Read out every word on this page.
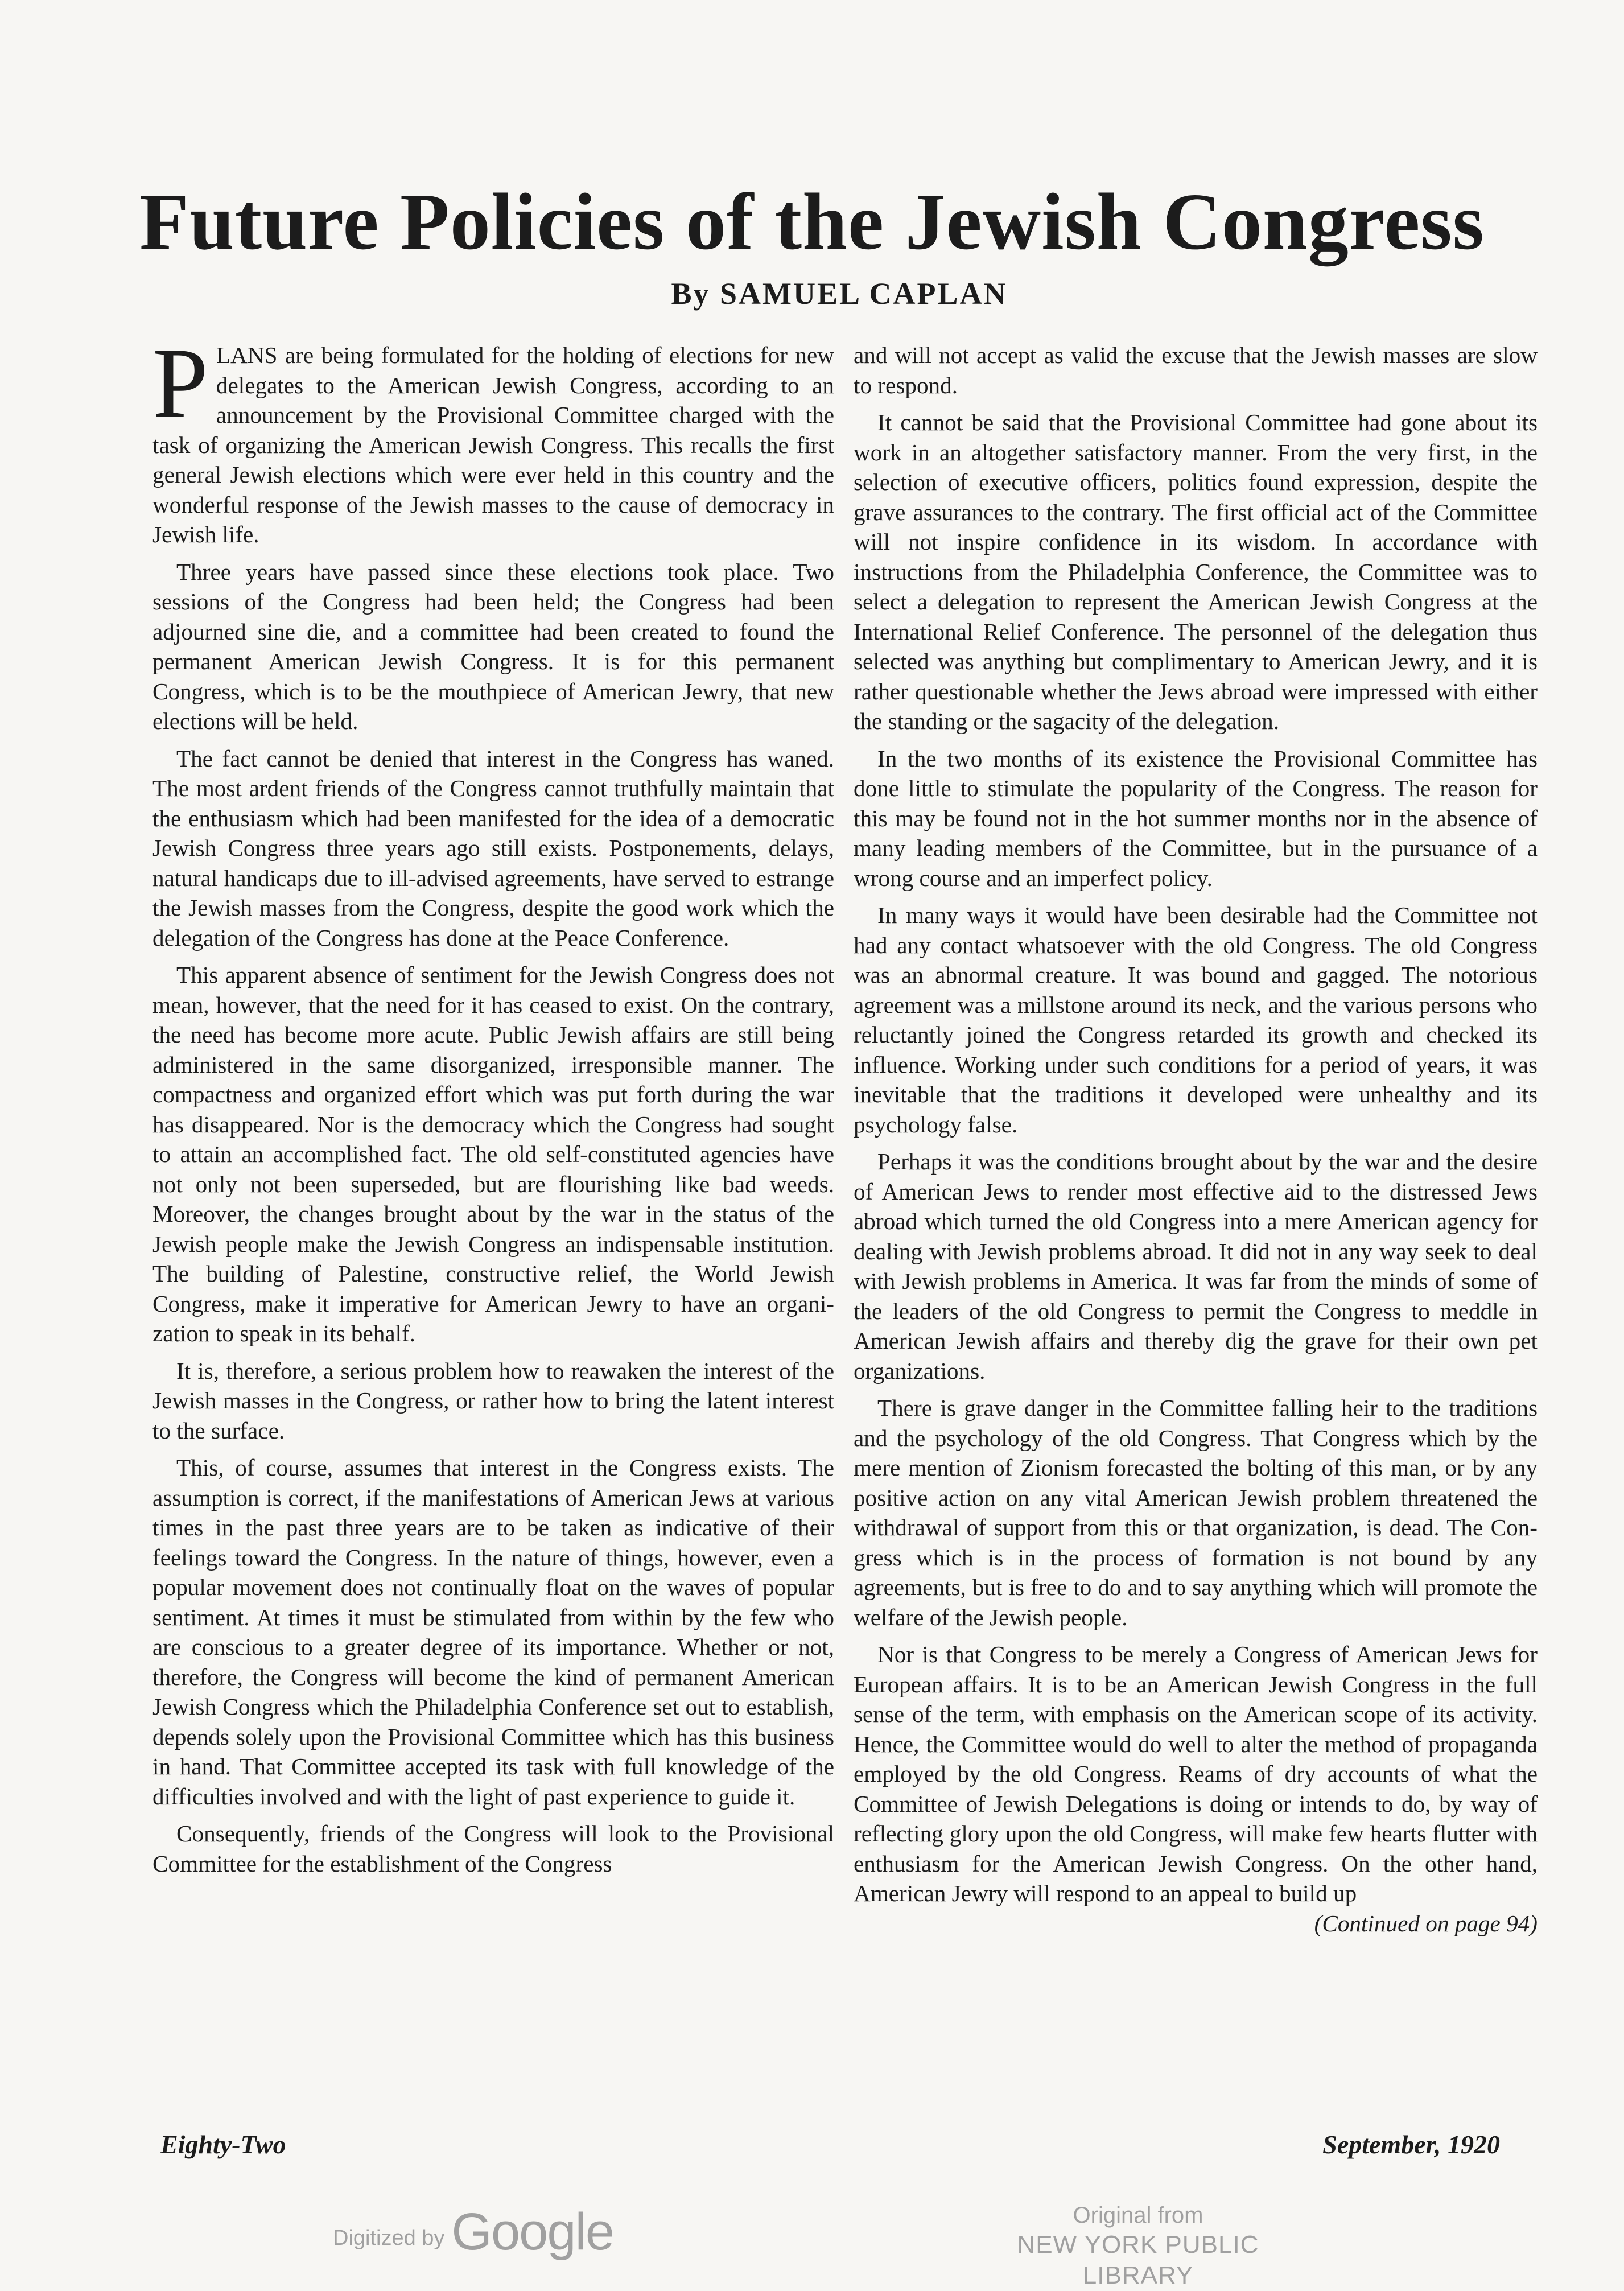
Future Policies of the Jewish Congress
By SAMUEL CAPLAN

PLANS are being formulated for the holding of elections for new delegates to the American Jewish Congress, according to an announcement by the Provisional Committee charged with the task of organizing the American Jewish Congress. This recalls the first general Jewish elections which were ever held in this country and the wonderful response of the Jewish masses to the cause of democracy in Jewish life.

Three years have passed since these elections took place. Two sessions of the Congress had been held; the Congress had been adjourned sine die, and a committee had been created to found the permanent American Jewish Congress. It is for this permanent Congress, which is to be the mouthpiece of American Jewry, that new elections will be held.

The fact cannot be denied that interest in the Congress has waned. The most ardent friends of the Congress cannot truthfully maintain that the enthusiasm which had been manifested for the idea of a democratic Jewish Congress three years ago still exists. Postponements, delays, natural handicaps due to ill-advised agreements, have served to estrange the Jewish masses from the Congress, despite the good work which the delegation of the Congress has done at the Peace Conference.

This apparent absence of sentiment for the Jewish Congress does not mean, however, that the need for it has ceased to exist. On the contrary, the need has become more acute. Public Jewish affairs are still being administered in the same disorganized, irresponsible manner. The compactness and organized effort which was put forth during the war has disappeared. Nor is the democracy which the Congress had sought to attain an accomplished fact. The old self-constituted agencies have not only not been superseded, but are flourishing like bad weeds. Moreover, the changes brought about by the war in the status of the Jewish people make the Jewish Congress an indispensable institution. The building of Palestine, constructive relief, the World Jewish Congress, make it imperative for American Jewry to have an organization to speak in its behalf.

It is, therefore, a serious problem how to reawaken the interest of the Jewish masses in the Congress, or rather how to bring the latent interest to the surface.

This, of course, assumes that interest in the Congress exists. The assumption is correct, if the manifestations of American Jews at various times in the past three years are to be taken as indicative of their feelings toward the Congress. In the nature of things, however, even a popular movement does not continually float on the waves of popular sentiment. At times it must be stimulated from within by the few who are conscious to a greater degree of its importance. Whether or not, therefore, the Congress will become the kind of permanent American Jewish Congress which the Philadelphia Conference set out to establish, depends solely upon the Provisional Committee which has this business in hand. That Committee accepted its task with full knowledge of the difficulties involved and with the light of past experience to guide it.

Consequently, friends of the Congress will look to the Provisional Committee for the establishment of the Congress

and will not accept as valid the excuse that the Jewish masses are slow to respond.

It cannot be said that the Provisional Committee had gone about its work in an altogether satisfactory manner. From the very first, in the selection of executive officers, politics found expression, despite the grave assurances to the contrary. The first official act of the Committee will not inspire confidence in its wisdom. In accordance with instructions from the Philadelphia Conference, the Committee was to select a delegation to represent the American Jewish Congress at the International Relief Conference. The personnel of the delegation thus selected was anything but complimentary to American Jewry, and it is rather questionable whether the Jews abroad were impressed with either the standing or the sagacity of the delegation.

In the two months of its existence the Provisional Committee has done little to stimulate the popularity of the Congress. The reason for this may be found not in the hot summer months nor in the absence of many leading members of the Committee, but in the pursuance of a wrong course and an imperfect policy.

In many ways it would have been desirable had the Committee not had any contact whatsoever with the old Congress. The old Congress was an abnormal creature. It was bound and gagged. The notorious agreement was a millstone around its neck, and the various persons who reluctantly joined the Congress retarded its growth and checked its influence. Working under such conditions for a period of years, it was inevitable that the traditions it developed were unhealthy and its psychology false.

Perhaps it was the conditions brought about by the war and the desire of American Jews to render most effective aid to the distressed Jews abroad which turned the old Congress into a mere American agency for dealing with Jewish problems abroad. It did not in any way seek to deal with Jewish problems in America. It was far from the minds of some of the leaders of the old Congress to permit the Congress to meddle in American Jewish affairs and thereby dig the grave for their own pet organizations.

There is grave danger in the Committee falling heir to the traditions and the psychology of the old Congress. That Congress which by the mere mention of Zionism forecasted the bolting of this man, or by any positive action on any vital American Jewish problem threatened the withdrawal of support from this or that organization, is dead. The Congress which is in the process of formation is not bound by any agreements, but is free to do and to say anything which will promote the welfare of the Jewish people.

Nor is that Congress to be merely a Congress of American Jews for European affairs. It is to be an American Jewish Congress in the full sense of the term, with emphasis on the American scope of its activity. Hence, the Committee would do well to alter the method of propaganda employed by the old Congress. Reams of dry accounts of what the Committee of Jewish Delegations is doing or intends to do, by way of reflecting glory upon the old Congress, will make few hearts flutter with enthusiasm for the American Jewish Congress. On the other hand, American Jewry will respond to an appeal to build up
(Continued on page 94)

Eighty-Two	September, 1920
Digitized by Google	Original from
NEW YORK PUBLIC LIBRARY
